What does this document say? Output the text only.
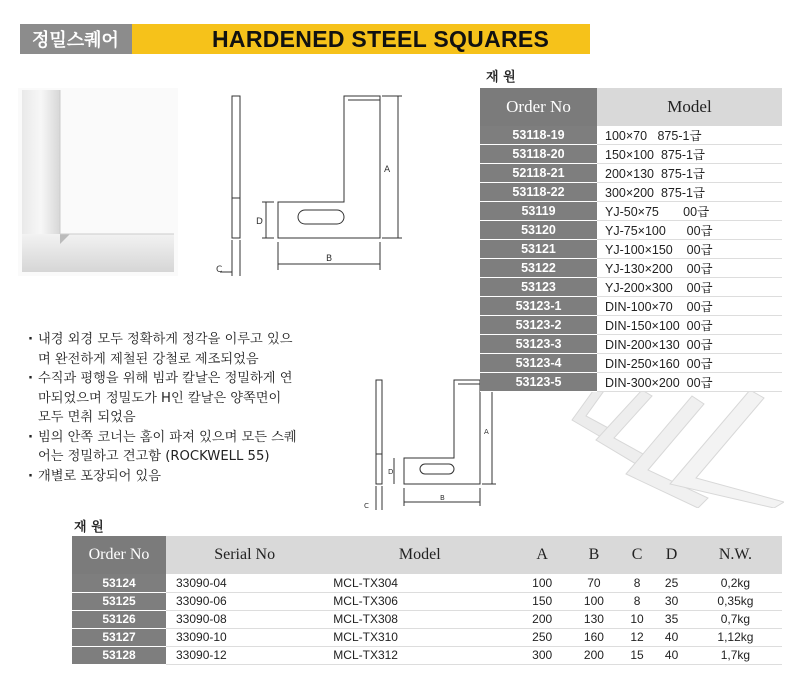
정밀스퀘어	HARDENED STEEL SQUARES
D
B
A
C
D
B
A
C
재 원
Order No	Model
53118-19	100×70   875-1급
53118-20	150×100  875-1급
52118-21	200×130  875-1급
53118-22	300×200  875-1급
53119	YJ-50×75       00급
53120	YJ-75×100      00급
53121	YJ-100×150    00급
53122	YJ-130×200    00급
53123	YJ-200×300    00급
53123-1	DIN-100×70    00급
53123-2	DIN-150×100  00급
53123-3	DIN-200×130  00급
53123-4	DIN-250×160  00급
53123-5	DIN-300×200  00급
· 내경 외경 모두 정확하게 정각을 이루고 있으
며 완전하게 제철된 강철로 제조되었음
· 수직과 평행을 위해 빔과 칼날은 정밀하게 연
마되었으며 정밀도가 H인 칼날은 양쪽면이
모두 면취 되었음
· 빔의 안쪽 코너는 홈이 파져 있으며 모든 스퀘
어는 정밀하고 견고함 (ROCKWELL 55)
· 개별로 포장되어 있음
재 원
Order No	Serial No	Model	A	B	C	D	N.W.
53124	33090-04	MCL-TX304	100	70	8	25	0,2kg
53125	33090-06	MCL-TX306	150	100	8	30	0,35kg
53126	33090-08	MCL-TX308	200	130	10	35	0,7kg
53127	33090-10	MCL-TX310	250	160	12	40	1,12kg
53128	33090-12	MCL-TX312	300	200	15	40	1,7kg
